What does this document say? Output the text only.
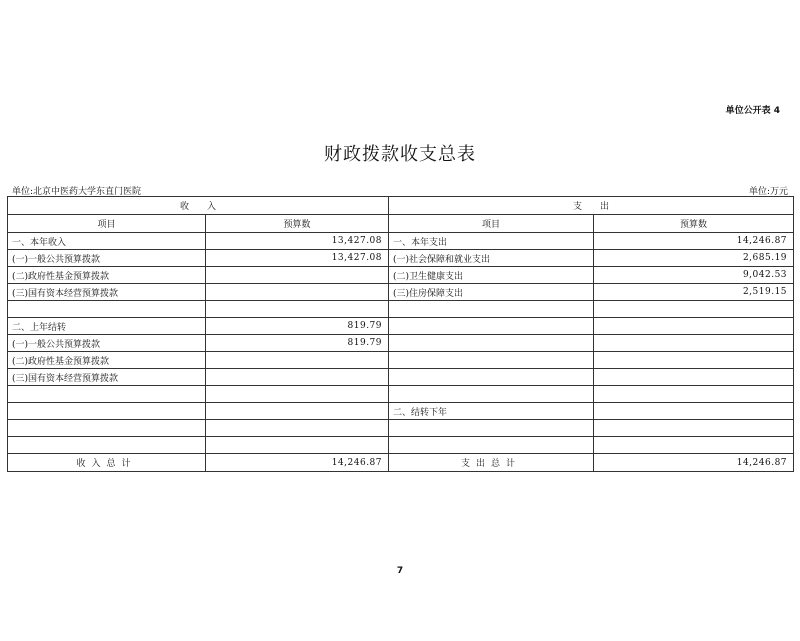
单位公开表 4
财政拨款收支总表
单位:北京中医药大学东直门医院	单位:万元
收　　入		支　　出	
项目	预算数	项目	预算数
一、本年收入	13,427.08	一、本年支出	14,246.87
(一)一般公共预算拨款	13,427.08	(一)社会保障和就业支出	2,685.19
(二)政府性基金预算拨款		(二)卫生健康支出	9,042.53
(三)国有资本经营预算拨款		(三)住房保障支出	2,519.15

二、上年结转	819.79		
(一)一般公共预算拨款	819.79		
(二)政府性基金预算拨款			
(三)国有资本经营预算拨款			

		二、结转下年	

收入总计	14,246.87	支出总计	14,246.87
7
